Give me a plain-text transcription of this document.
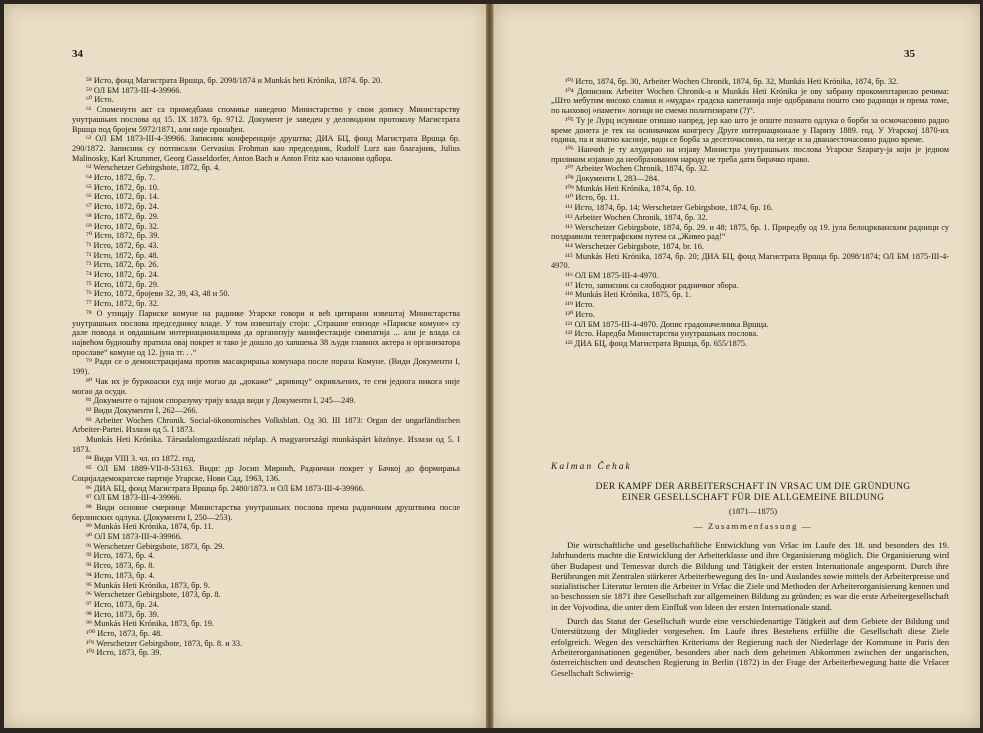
34

⁵⁸ Исто, фонд Магистрата Вршца, бр. 2098/1874 и Munkás heti Krónika, 1874. бр. 20.

⁵⁹ ОЛ БМ 1873-III-4-39966.

⁶⁰ Исто.

⁶¹ Споменути акт са примедбама спомиње наведено Министарство у свом допису Министарству унутрашњих послова од 15. IX 1873. бр. 9712. Документ је заведен у деловодном протоколу Магистрата Вршца под бројем 5972/1871, али није пронађен.

⁶² ОЛ БМ 1873-III-4-39966. Записник конференције друштва; ДИА БЦ, фонд Магистрата Вршца бр. 290/1872. Записник су потписали Gervasius Frohman као председник, Rudolf Lurz као благајник, Julius Malinosky, Karl Krummer, Georg Gasseldorfer, Anton Bach и Anton Fritz као чланови одбора.

⁶³ Werschetzer Gebirgsbote, 1872, бр. 4.

⁶⁴ Исто, 1872, бр. 7.

⁶⁵ Исто, 1872, бр. 10.

⁶⁶ Исто, 1872, бр. 14.

⁶⁷ Исто, 1872, бр. 24.

⁶⁸ Исто, 1872, бр. 29.

⁶⁹ Исто, 1872, бр. 32.

⁷⁰ Исто, 1872, бр. 39.

⁷¹ Исто, 1872, бр. 43.

⁷² Исто, 1872, бр. 48.

⁷³ Исто, 1872, бр. 26.

⁷⁴ Исто, 1872, бр. 24.

⁷⁵ Исто, 1872, бр. 29.

⁷⁶ Исто, 1872, бројеви 32, 39, 43, 48 и 50.

⁷⁷ Исто, 1872, бр. 32.

⁷⁸ О утицају Париске комуне на раднике Угарске говори и већ цитирани извештај Министарства унутрашњих послова председнику владе. У том извештају стоји: „Страшне епизоде »Париске комуне« су дале повода и овдашњим интернационалцима да организују манифестације симпатија ... али је влада са највећом будношћу пратила овај покрет и тако је дошло до хапшења 38 људи главних актера и организатора прославе“ комуне од 12. јуна тг. . .“

⁷⁹ Ради се о демонстрацијама против масакрирања комунара после пораза Комуне. (Види Документи I, 199).

⁸⁰ Чак их је буржоаски суд није могао да „докаже“ „кривицу“ окривљених, те сем једнога никога није могао да осуди.

⁸¹ Документе о тајном споразуму трију влада види у Документи I, 245—249.

⁸² Види Документи I, 262—266.

⁸³ Arbeiter Wochen Chronik. Social-ökonomisches Volksblatt. Од 30. III 1873: Organ der ungarländischen Arbeiter-Partei. Излази од 5. I 1873.

Munkás Heti Krónika. Társadalomgazdászati néplap. A magyarországi munkáspárt közönye. Излази од 5. I 1873.

⁸⁴ Види VIII 3. чл. из 1872. год.

⁸⁵ ОЛ БМ 1889-VII-8-53163. Види: др Јосип Мирнић, Раднички покрет у Бачкој до формирања Социјалдемократске партије Угарске, Нови Сад, 1963, 136.

⁸⁶ ДИА БЦ, фонд Магистрата Вршца бр. 2480/1873. и ОЛ БМ 1873-III-4-39966.

⁸⁷ ОЛ БМ 1873-III-4-39966.

⁸⁸ Види основне смернице Министарства унутрашњих послова према радничким друштвима после берлинских одлука. (Документи I, 250—253).

⁸⁹ Munkás Heti Krónika, 1874, бр. 11.

⁹⁰ ОЛ БМ 1873-III-4-39966.

⁹¹ Werschetzer Gebirgsbote, 1873, бр. 29.

⁹² Исто, 1873, бр. 4.

⁹³ Исто, 1873, бр. 8.

⁹⁴ Исто, 1873, бр. 4.

⁹⁵ Munkás Heti Krónika, 1873, бр. 9.

⁹⁶ Werschetzer Gebirgsbote, 1873, бр. 8.

⁹⁷ Исто, 1873, бр. 24.

⁹⁸ Исто, 1873, бр. 39.

⁹⁹ Munkás Heti Krónika, 1873, бр. 19.

¹⁰⁰ Исто, 1873, бр. 48.

¹⁰¹ Werschetzer Gebirgsbote, 1873, бр. 8. и 33.

¹⁰² Исто, 1873, бр. 39.

35

¹⁰³ Исто, 1874, бр. 30, Arbeiter Wochen Chronik, 1874, бр. 32, Munkás Heti Krónika, 1874, бр. 32.

¹⁰⁴ Дописник Arbeiter Wochen Chronik-а и Munkás Heti Krónika је ову забрану прокоментарисао речима: „Што мебутим високо славна и »мудра« градска капетанија није одобравала пошто смо радници и према томе, по њиховој »памети« логици не смемо политизирати (?)“.

¹⁰⁵ Ту је Лурц исувише отишао напред, јер као што је опште познато одлука о борби за осмочасовно радно време донета је тек на оснивачком конгресу Друге интернационале у Паризу 1889. год. У Угарској 1870-их година, па и знатно касније, води се борба за десеточасовно, па негде и за дванаесточасовно радно време.

¹⁰⁶ Нанчић је ту алудирао на изјаву Министра унутрашњих послова Угарске Szapary-ја који је једном приликом изјавио да необразованом народу не треба дати бирачко право.

¹⁰⁷ Arbeiter Wochen Chronik, 1874, бр. 32.

¹⁰⁸ Документи I, 283—284.

¹⁰⁹ Munkás Heti Krónika, 1874, бр. 10.

¹¹⁰ Исто, бр. 11.

¹¹¹ Исто, 1874, бр. 14; Werschetzer Gebirgsbote, 1874, бр. 16.

¹¹² Arbeiter Wochen Chronik, 1874, бр. 32.

¹¹³ Werschetzer Gebirgsbote, 1874, бр. 29. и 48; 1875, бр. 1. Приредбу од 19. јула белоцркванским радници су поздравили телеграфским путем са „Живео рад!“

¹¹⁴ Werschetzer Gebirgsbote, 1874, br. 16.

¹¹⁵ Munkás Heti Krónika, 1874, бр. 20; ДИА БЦ, фонд Магистрата Вршца бр. 2098/1874; ОЛ БМ 1875-III-4-4970.

¹¹⁶ ОЛ БМ 1875-III-4-4970.

¹¹⁷ Исто, записник са слободног радничког збора.

¹¹⁸ Munkás Heti Krónika, 1875, бр. 1.

¹¹⁹ Исто.

¹²⁰ Исто.

¹²¹ ОЛ БМ 1875-III-4-4970. Допис градоначелника Вршца.

¹²² Исто. Наредба Министарства унутрашњих послова.

¹²³ ДИА БЦ, фонд Магистрата Вршца, бр. 655/1875.

Kalman Čehak
DER KAMPF DER ARBEITERSCHAFT IN VRSAC UM DIE GRÜNDUNG
EINER GESELLSCHAFT FÜR DIE ALLGEMEINE BILDUNG
(1871—1875)
— Zusammenfassung —

Die wirtschaftliche und gesellschaftliche Entwicklung von Vršac im Laufe des 18. und besonders des 19. Jahrhunderts machte die Entwicklung der Arbeiterklasse und ihre Organisierung möglich. Die Organisierung wird über Budapest und Temesvar durch die Bildung und Tätigkeit der ersten Internationale angespornt. Durch ihre Berührungen mit Zentralen stärkerer Arbeiterbewegung des In- und Auslandes sowie mittels der Arbeiterpresse und sozialistischer Literatur lernten die Arbeiter in Vršac die Ziele und Methoden der Arbeiterorganisierung kennen und so beschossen sie 1871 ihre Gesellschaft zur allgemeinen Bildung zu gründen; es war die erste Arbeitergesellschaft in der Vojvodina, die unter dem Einfluß von Ideen der ersten Internationale stand.

Durch das Statut der Gesellschaft wurde eine verschiedenartige Tätigkeit auf dem Gebiete der Bildung und Unterstützung der Mitglieder vorgesehen. Im Laufe ihres Bestehens erfüllte die Gesellschaft diese Ziele erfolgreich. Wegen des verschärften Kriteriums der Regierung nach der Niederlage der Kommune in Paris den Arbeiterorganisationen gegenüber, besonders aber nach dem geheimen Abkommen zwischen der ungarischen, österreichischen und deutschen Regierung in Berlin (1872) in der Frage der Arbeiterbewegung hatte die Vršacer Gesellschaft Schwierig-
